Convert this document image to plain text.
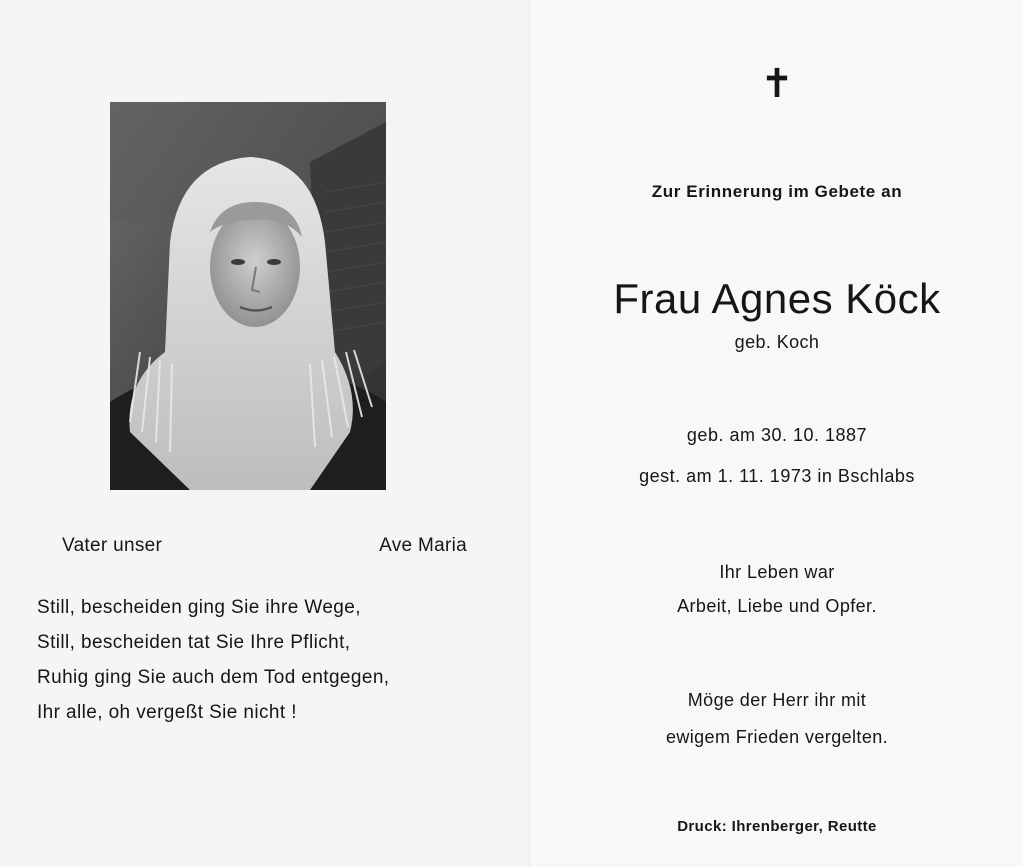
Vater unser	Ave Maria
Still, bescheiden ging Sie ihre Wege,
Still, bescheiden tat Sie Ihre Pflicht,
Ruhig ging Sie auch dem Tod entgegen,
Ihr alle, oh vergeßt Sie nicht !
✝
Zur Erinnerung im Gebete an
Frau Agnes Köck
geb. Koch
geb. am 30. 10. 1887
gest. am 1. 11. 1973 in Bschlabs
Ihr Leben war
Arbeit, Liebe und Opfer.
Möge der Herr ihr mit
ewigem Frieden vergelten.
Druck: Ihrenberger, Reutte
